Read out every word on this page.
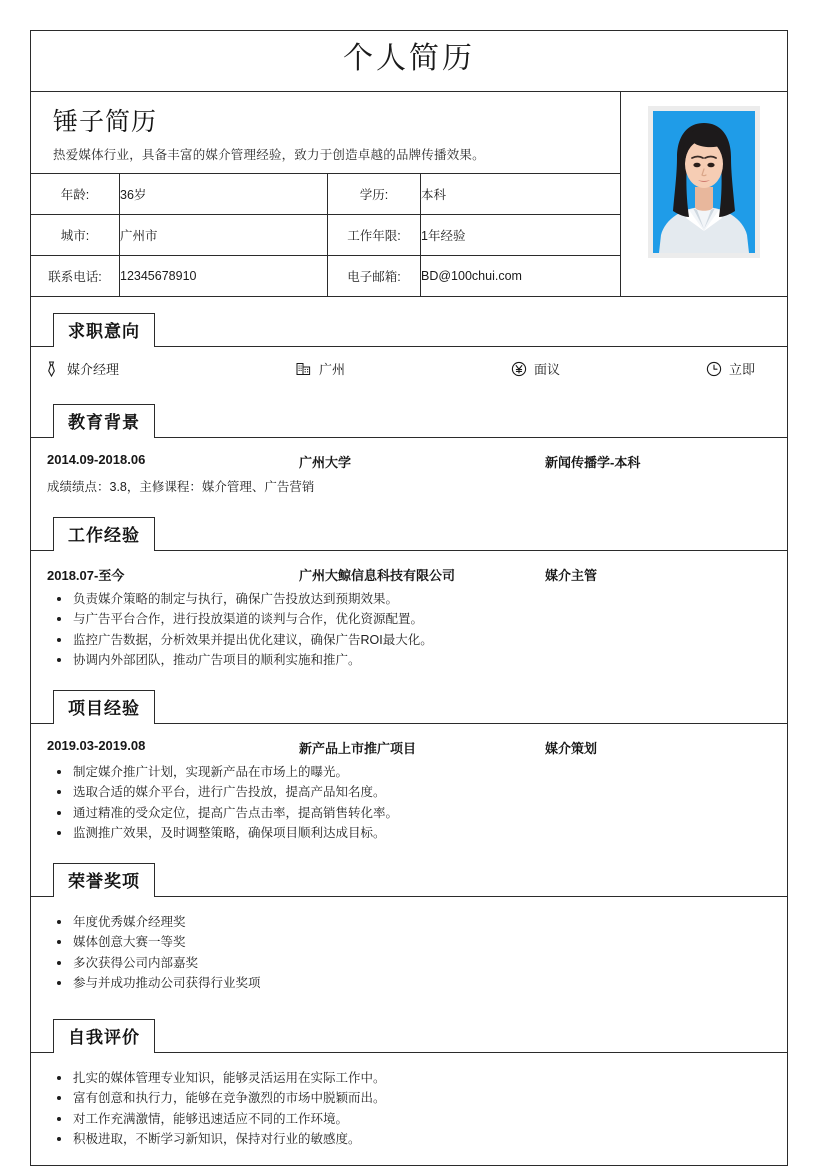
个人简历
锤子简历
热爱媒体行业，具备丰富的媒介管理经验，致力于创造卓越的品牌传播效果。
年龄:	36岁	学历:	本科
城市:	广州市	工作年限:	1年经验
联系电话:	12345678910	电子邮箱:	BD@100chui.com
求职意向
媒介经理	广州	面议	立即
教育背景
2014.09-2018.06	广州大学	新闻传播学-本科
成绩绩点：3.8，主修课程：媒介管理、广告营销
工作经验
2018.07-至今	广州大鲸信息科技有限公司	媒介主管
负责媒介策略的制定与执行，确保广告投放达到预期效果。
与广告平台合作，进行投放渠道的谈判与合作，优化资源配置。
监控广告数据，分析效果并提出优化建议，确保广告ROI最大化。
协调内外部团队，推动广告项目的顺利实施和推广。
项目经验
2019.03-2019.08	新产品上市推广项目	媒介策划
制定媒介推广计划，实现新产品在市场上的曝光。
选取合适的媒介平台，进行广告投放，提高产品知名度。
通过精准的受众定位，提高广告点击率，提高销售转化率。
监测推广效果，及时调整策略，确保项目顺利达成目标。
荣誉奖项
年度优秀媒介经理奖
媒体创意大赛一等奖
多次获得公司内部嘉奖
参与并成功推动公司获得行业奖项
自我评价
扎实的媒体管理专业知识，能够灵活运用在实际工作中。
富有创意和执行力，能够在竞争激烈的市场中脱颖而出。
对工作充满激情，能够迅速适应不同的工作环境。
积极进取，不断学习新知识，保持对行业的敏感度。
